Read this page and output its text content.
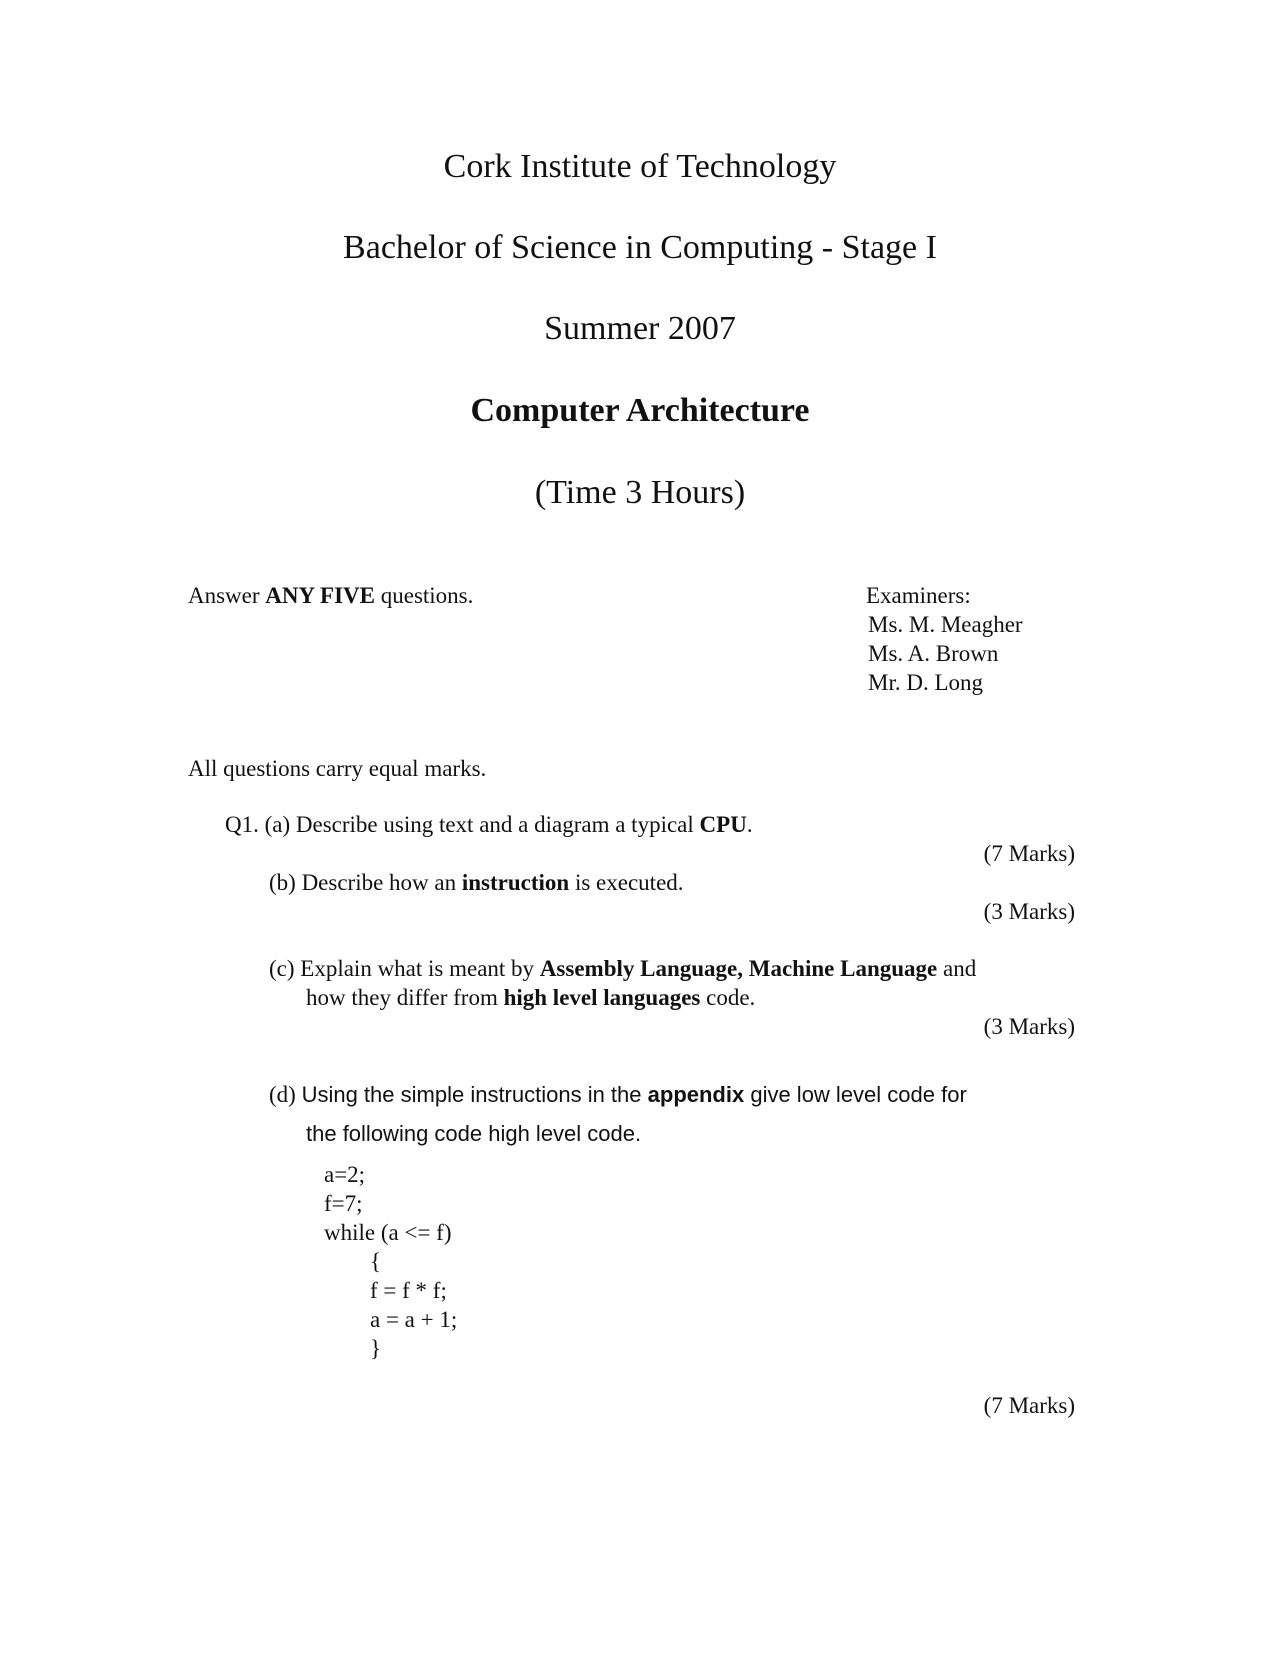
Cork Institute of Technology
Bachelor of Science in Computing - Stage I
Summer 2007
Computer Architecture
(Time 3 Hours)
Answer ANY FIVE questions.	Examiners:
Ms. M. Meagher
Ms. A. Brown
Mr. D. Long
All questions carry equal marks.
Q1. (a) Describe using text and a diagram a typical CPU.
(7 Marks)
(b) Describe how an instruction is executed.
(3 Marks)
(c) Explain what is meant by Assembly Language, Machine Language and
how they differ from high level languages code.
(3 Marks)
(d) Using the simple instructions in the appendix give low level code for
the following code high level code.
a=2;
f=7;
while (a <= f)
{
f = f * f;
a = a + 1;
}
(7 Marks)
